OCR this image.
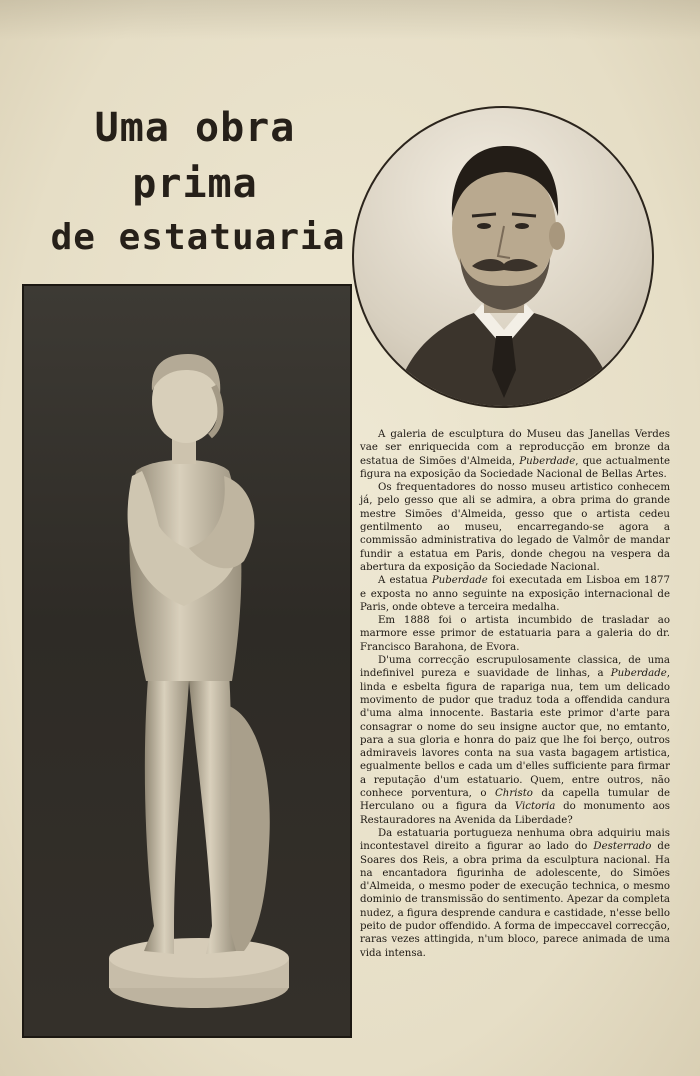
Uma obra prima
de estatuaria

A galeria de esculptura do Museu das Janellas Verdes vae ser enriquecida com a reproducção em bronze da estatua de Simões d'Almeida, Puberdade, que actualmente figura na exposição da Sociedade Nacional de Bellas Artes.

Os frequentadores do nosso museu artistico conhecem já, pelo gesso que ali se admira, a obra prima do grande mestre Simões d'Almeida, gesso que o artista cedeu gentilmento ao museu, encarregando-se agora a commissão administrativa do legado de Valmôr de mandar fundir a estatua em Paris, donde chegou na vespera da abertura da exposição da Sociedade Nacional.

A estatua Puberdade foi executada em Lisboa em 1877 e exposta no anno seguinte na exposição internacional de Paris, onde obteve a terceira medalha.

Em 1888 foi o artista incumbido de trasladar ao marmore esse primor de estatuaria para a galeria do dr. Francisco Barahona, de Evora.

D'uma correcção escrupulosamente classica, de uma indefinivel pureza e suavidade de linhas, a Puberdade, linda e esbelta figura de rapariga nua, tem um delicado movimento de pudor que traduz toda a offendida candura d'uma alma innocente. Bastaria este primor d'arte para consagrar o nome do seu insigne auctor que, no emtanto, para a sua gloria e honra do paiz que lhe foi berço, outros admiraveis lavores conta na sua vasta bagagem artistica, egualmente bellos e cada um d'elles sufficiente para firmar a reputação d'um estatuario. Quem, entre outros, não conhece porventura, o Christo da capella tumular de Herculano ou a figura da Victoria do monumento aos Restauradores na Avenida da Liberdade?

Da estatuaria portugueza nenhuma obra adquiriu mais incontestavel direito a figurar ao lado do Desterrado de Soares dos Reis, a obra prima da esculptura nacional. Ha na encantadora figurinha de adolescente, do Simões d'Almeida, o mesmo poder de execução technica, o mesmo dominio de transmissão do sentimento. Apezar da completa nudez, a figura desprende candura e castidade, n'esse bello peito de pudor offendido. A forma de impeccavel correcção, raras vezes attingida, n'um bloco, parece animada de uma vida intensa.
